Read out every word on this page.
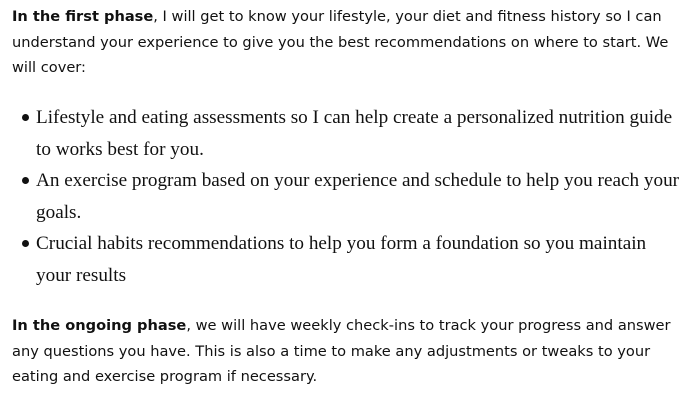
In the first phase, I will get to know your lifestyle, your diet and fitness history so I can understand your experience to give you the best recommendations on where to start. We will cover:

Lifestyle and eating assessments so I can help create a personalized nutrition guide to works best for you.
An exercise program based on your experience and schedule to help you reach your goals.
Crucial habits recommendations to help you form a foundation so you maintain your results

In the ongoing phase, we will have weekly check-ins to track your progress and answer any questions you have. This is also a time to make any adjustments or tweaks to your eating and exercise program if necessary.
